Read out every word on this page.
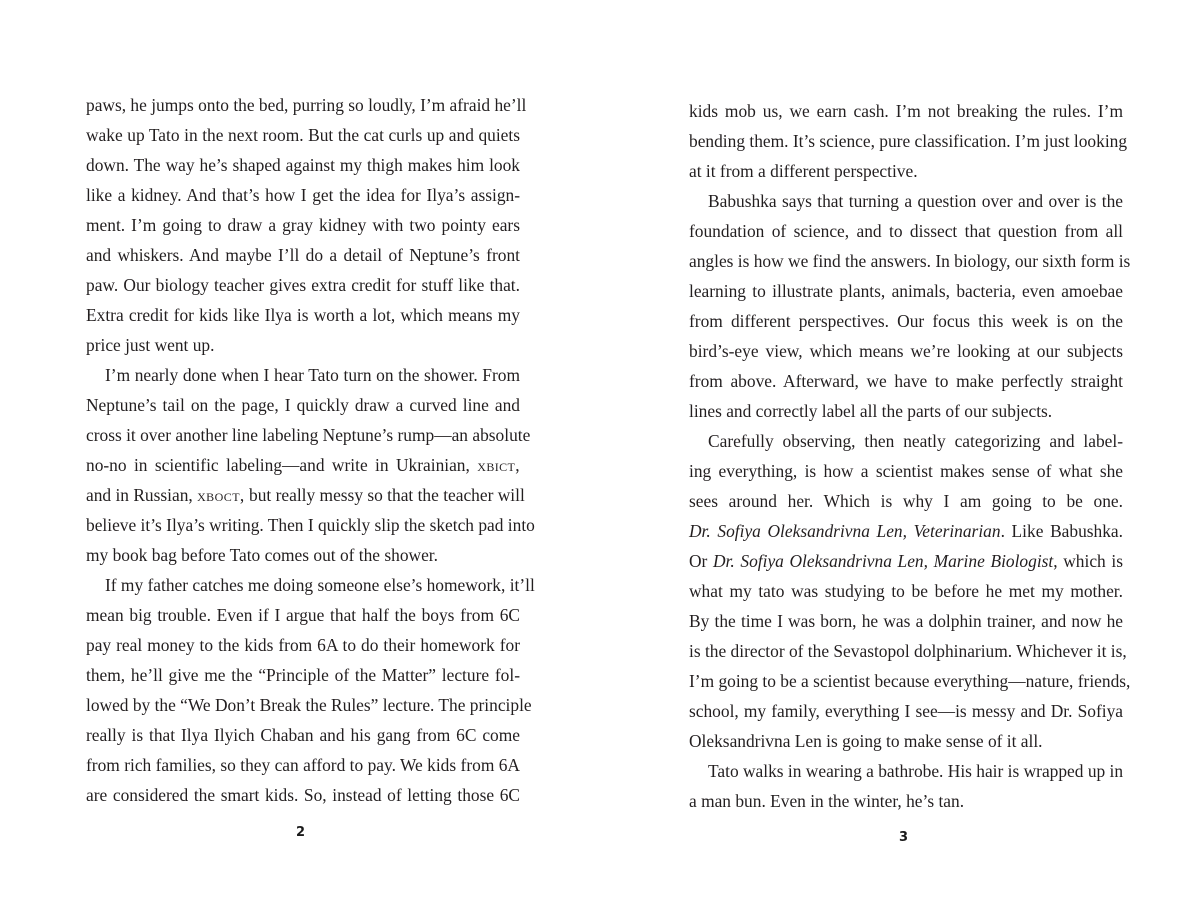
paws, he jumps onto the bed, purring so loudly, I’m afraid he’ll
wake up Tato in the next room. But the cat curls up and quiets
down. The way he’s shaped against my thigh makes him look
like a kidney. And that’s how I get the idea for Ilya’s assign-
ment. I’m going to draw a gray kidney with two pointy ears
and whiskers. And maybe I’ll do a detail of Neptune’s front
paw. Our biology teacher gives extra credit for stuff like that.
Extra credit for kids like Ilya is worth a lot, which means my
price just went up.
I’m nearly done when I hear Tato turn on the shower. From
Neptune’s tail on the page, I quickly draw a curved line and
cross it over another line labeling Neptune’s rump—an absolute
no-no in scientific labeling—and write in Ukrainian, хвіст,
and in Russian, хвост, but really messy so that the teacher will
believe it’s Ilya’s writing. Then I quickly slip the sketch pad into
my book bag before Tato comes out of the shower.
If my father catches me doing someone else’s homework, it’ll
mean big trouble. Even if I argue that half the boys from 6C
pay real money to the kids from 6A to do their homework for
them, he’ll give me the “Principle of the Matter” lecture fol-
lowed by the “We Don’t Break the Rules” lecture. The principle
really is that Ilya Ilyich Chaban and his gang from 6C come
from rich families, so they can afford to pay. We kids from 6A
are considered the smart kids. So, instead of letting those 6C
2
kids mob us, we earn cash. I’m not breaking the rules. I’m
bending them. It’s science, pure classification. I’m just looking
at it from a different perspective.
Babushka says that turning a question over and over is the
foundation of science, and to dissect that question from all
angles is how we find the answers. In biology, our sixth form is
learning to illustrate plants, animals, bacteria, even amoebae
from different perspectives. Our focus this week is on the
bird’s-eye view, which means we’re looking at our subjects
from above. Afterward, we have to make perfectly straight
lines and correctly label all the parts of our subjects.
Carefully observing, then neatly categorizing and label-
ing everything, is how a scientist makes sense of what she
sees around her. Which is why I am going to be one.
Dr. Sofiya Oleksandrivna Len, Veterinarian. Like Babushka.
Or Dr. Sofiya Oleksandrivna Len, Marine Biologist, which is
what my tato was studying to be before he met my mother.
By the time I was born, he was a dolphin trainer, and now he
is the director of the Sevastopol dolphinarium. Whichever it is,
I’m going to be a scientist because everything—nature, friends,
school, my family, everything I see—is messy and Dr. Sofiya
Oleksandrivna Len is going to make sense of it all.
Tato walks in wearing a bathrobe. His hair is wrapped up in
a man bun. Even in the winter, he’s tan.
3
